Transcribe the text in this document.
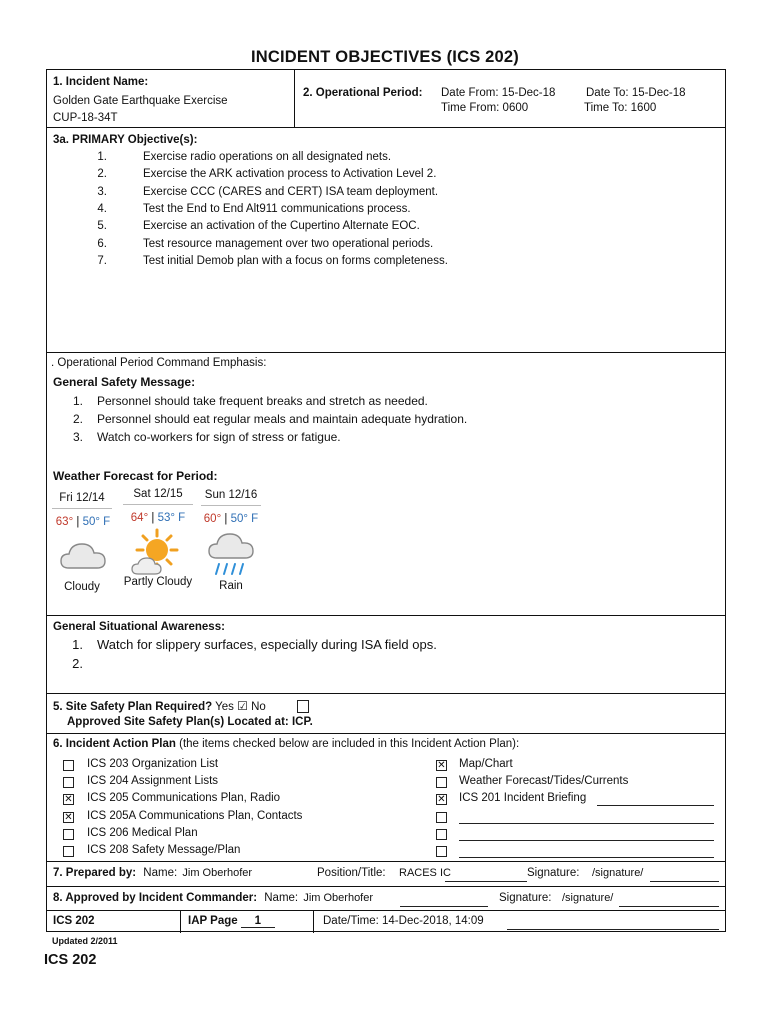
INCIDENT OBJECTIVES (ICS 202)
1. Incident Name:
Golden Gate Earthquake Exercise
CUP-18-34T
2. Operational Period: Date From: 15-Dec-18	Date To: 15-Dec-18
Time From: 0600	Time To: 1600
3a. PRIMARY Objective(s):
1.	Exercise radio operations on all designated nets.
2.	Exercise the ARK activation process to Activation Level 2.
3.	Exercise CCC (CARES and CERT) ISA team deployment.
4.	Test the End to End Alt911 communications process.
5.	Exercise an activation of the Cupertino Alternate EOC.
6.	Test resource management over two operational periods.
7.	Test initial Demob plan with a focus on forms completeness.
. Operational Period Command Emphasis:
General Safety Message:
1. Personnel should take frequent breaks and stretch as needed.
2. Personnel should eat regular meals and maintain adequate hydration.
3. Watch co-workers for sign of stress or fatigue.
Weather Forecast for Period:
Fri 12/14
63° | 50° F
Cloudy
Sat 12/15
64° | 53° F
Partly Cloudy
Sun 12/16
60° | 50° F
Rain
General Situational Awareness:
1. Watch for slippery surfaces, especially during ISA field ops.
2.
5. Site Safety Plan Required? Yes ☑ No
Approved Site Safety Plan(s) Located at: ICP.
6. Incident Action Plan (the items checked below are included in this Incident Action Plan):
ICS 203 Organization List
ICS 204 Assignment Lists
✕ ICS 205 Communications Plan, Radio
✕ ICS 205A Communications Plan, Contacts
ICS 206 Medical Plan
ICS 208 Safety Message/Plan
✕ Map/Chart
Weather Forecast/Tides/Currents
✕ ICS 201 Incident Briefing
7. Prepared by: Name: Jim Oberhofer	Position/Title: RACES IC	Signature: /signature/
8. Approved by Incident Commander: Name: Jim Oberhofer	Signature: /signature/
ICS 202	IAP Page 1	Date/Time: 14-Dec-2018, 14:09
Updated 2/2011
ICS 202
